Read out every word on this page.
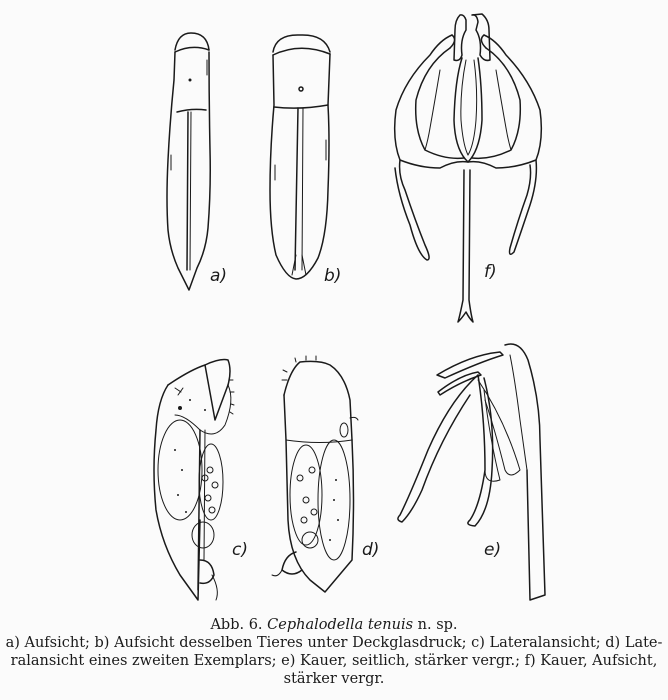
a)	b)
c)	d)	e)
f)
Abb. 6. Cephalodella tenuis n. sp.
a) Aufsicht; b) Aufsicht desselben Tieres unter Deckglasdruck; c) Lateralansicht; d) Late-
ralansicht eines zweiten Exemplars; e) Kauer, seitlich, stärker vergr.; f) Kauer, Aufsicht,
stärker vergr.
